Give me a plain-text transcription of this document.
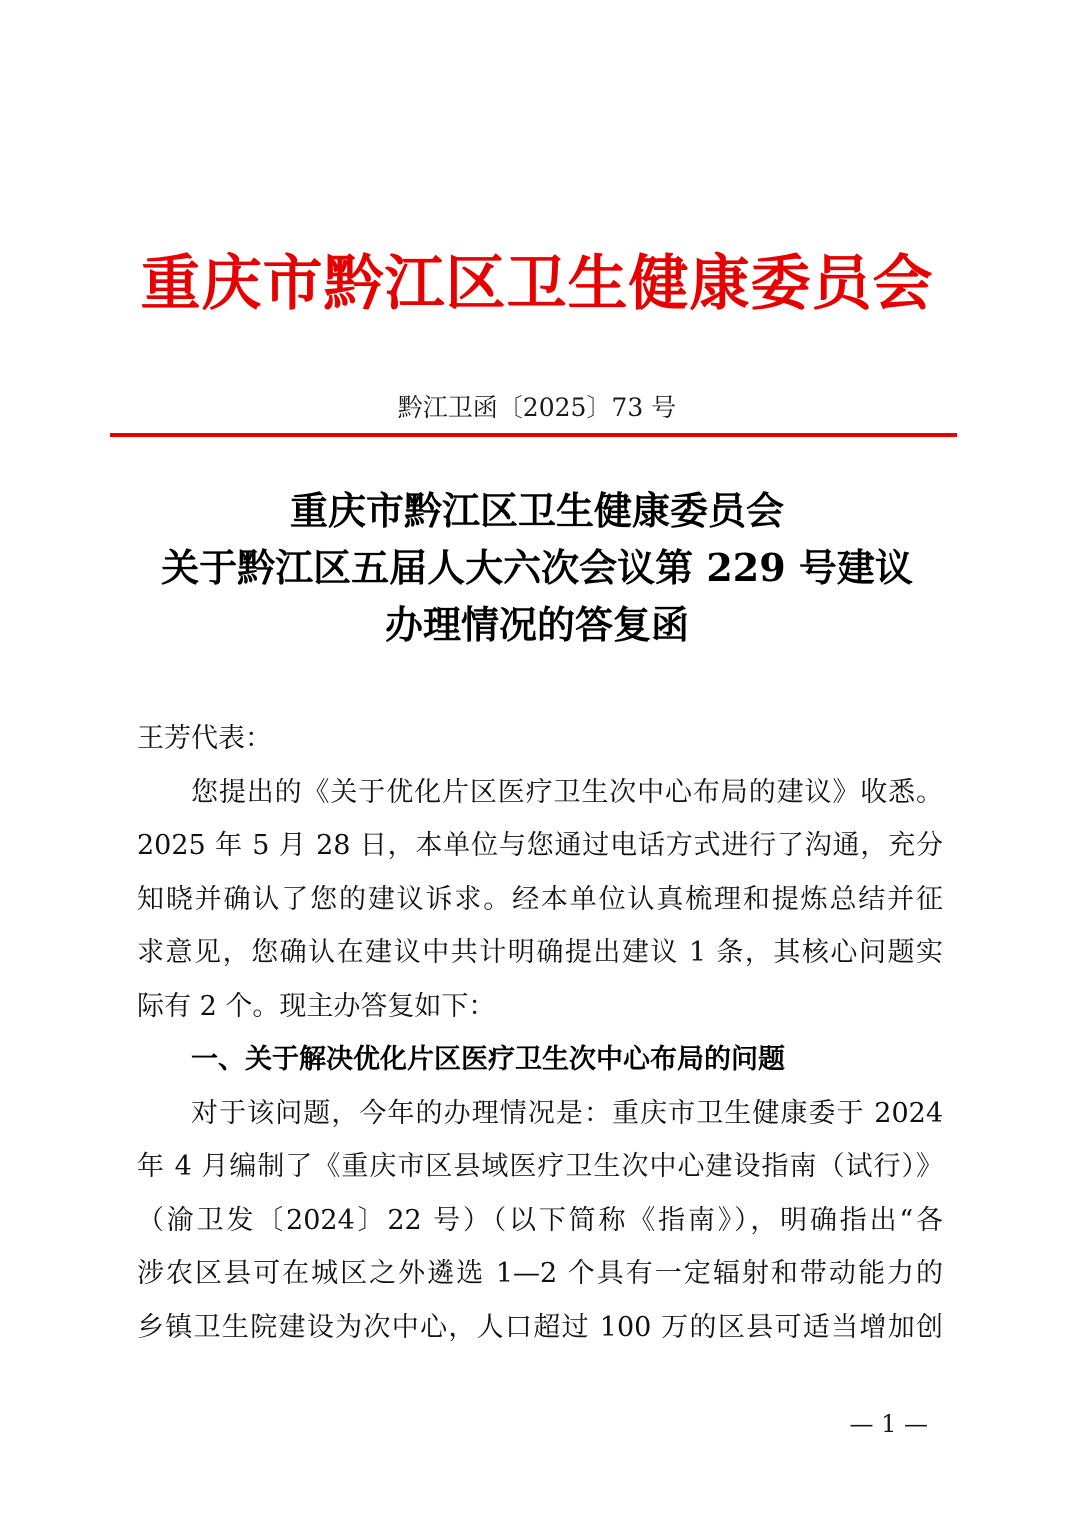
重庆市黔江区卫生健康委员会
黔江卫函〔2025〕73 号
重庆市黔江区卫生健康委员会
关于黔江区五届人大六次会议第 229 号建议
办理情况的答复函
王芳代表：
您提出的《关于优化片区医疗卫生次中心布局的建议》收悉。
2025 年 5 月 28 日，本单位与您通过电话方式进行了沟通，充分
知晓并确认了您的建议诉求。经本单位认真梳理和提炼总结并征
求意见，您确认在建议中共计明确提出建议 1 条，其核心问题实
际有 2 个。现主办答复如下：
一、关于解决优化片区医疗卫生次中心布局的问题
对于该问题，今年的办理情况是：重庆市卫生健康委于 2024
年 4 月编制了《重庆市区县域医疗卫生次中心建设指南（试行）》
（渝卫发〔2024〕22 号）（以下简称《指南》），明确指出“各
涉农区县可在城区之外遴选 1—2 个具有一定辐射和带动能力的
乡镇卫生院建设为次中心，人口超过 100 万的区县可适当增加创
— 1 —
